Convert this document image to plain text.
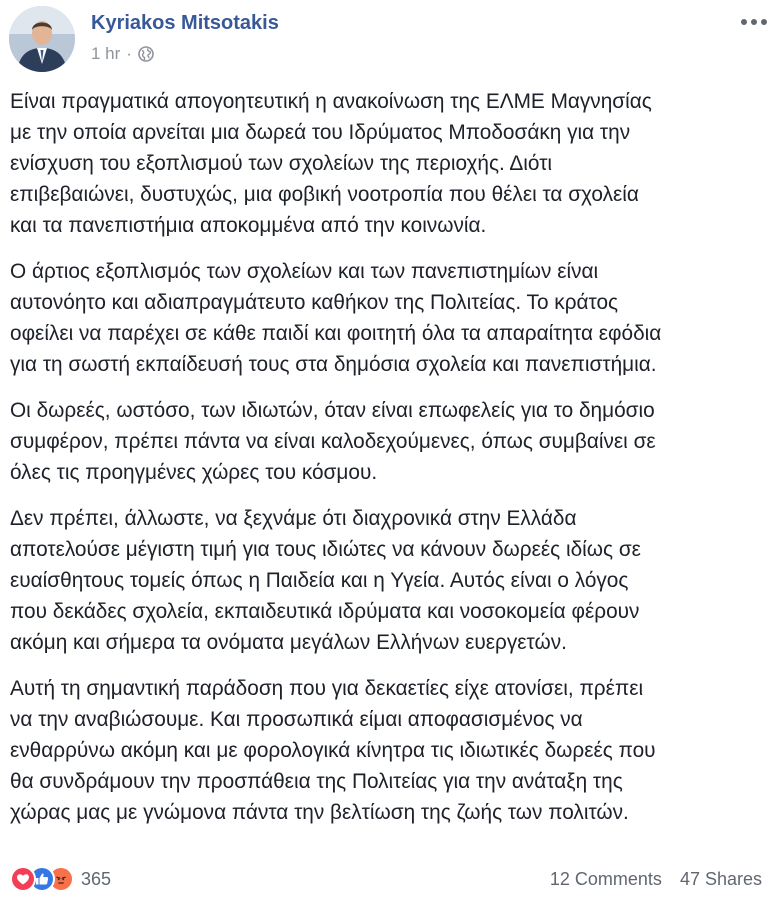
Kyriakos Mitsotakis
1 hr ·

Είναι πραγματικά απογοητευτική η ανακοίνωση της ΕΛΜΕ Μαγνησίας
με την οποία αρνείται μια δωρεά του Ιδρύματος Μποδοσάκη για την
ενίσχυση του εξοπλισμού των σχολείων της περιοχής. Διότι
επιβεβαιώνει, δυστυχώς, μια φοβική νοοτροπία που θέλει τα σχολεία
και τα πανεπιστήμια αποκομμένα από την κοινωνία.

Ο άρτιος εξοπλισμός των σχολείων και των πανεπιστημίων είναι
αυτονόητο και αδιαπραγμάτευτο καθήκον της Πολιτείας. Το κράτος
οφείλει να παρέχει σε κάθε παιδί και φοιτητή όλα τα απαραίτητα εφόδια
για τη σωστή εκπαίδευσή τους στα δημόσια σχολεία και πανεπιστήμια.

Οι δωρεές, ωστόσο, των ιδιωτών, όταν είναι επωφελείς για το δημόσιο
συμφέρον, πρέπει πάντα να είναι καλοδεχούμενες, όπως συμβαίνει σε
όλες τις προηγμένες χώρες του κόσμου.

Δεν πρέπει, άλλωστε, να ξεχνάμε ότι διαχρονικά στην Ελλάδα
αποτελούσε μέγιστη τιμή για τους ιδιώτες να κάνουν δωρεές ιδίως σε
ευαίσθητους τομείς όπως η Παιδεία και η Υγεία. Αυτός είναι ο λόγος
που δεκάδες σχολεία, εκπαιδευτικά ιδρύματα και νοσοκομεία φέρουν
ακόμη και σήμερα τα ονόματα μεγάλων Ελλήνων ευεργετών.

Αυτή τη σημαντική παράδοση που για δεκαετίες είχε ατονίσει, πρέπει
να την αναβιώσουμε. Και προσωπικά είμαι αποφασισμένος να
ενθαρρύνω ακόμη και με φορολογικά κίνητρα τις ιδιωτικές δωρεές που
θα συνδράμουν την προσπάθεια της Πολιτείας για την ανάταξη της
χώρας μας με γνώμονα πάντα την βελτίωση της ζωής των πολιτών.

365	12 Comments 47 Shares
